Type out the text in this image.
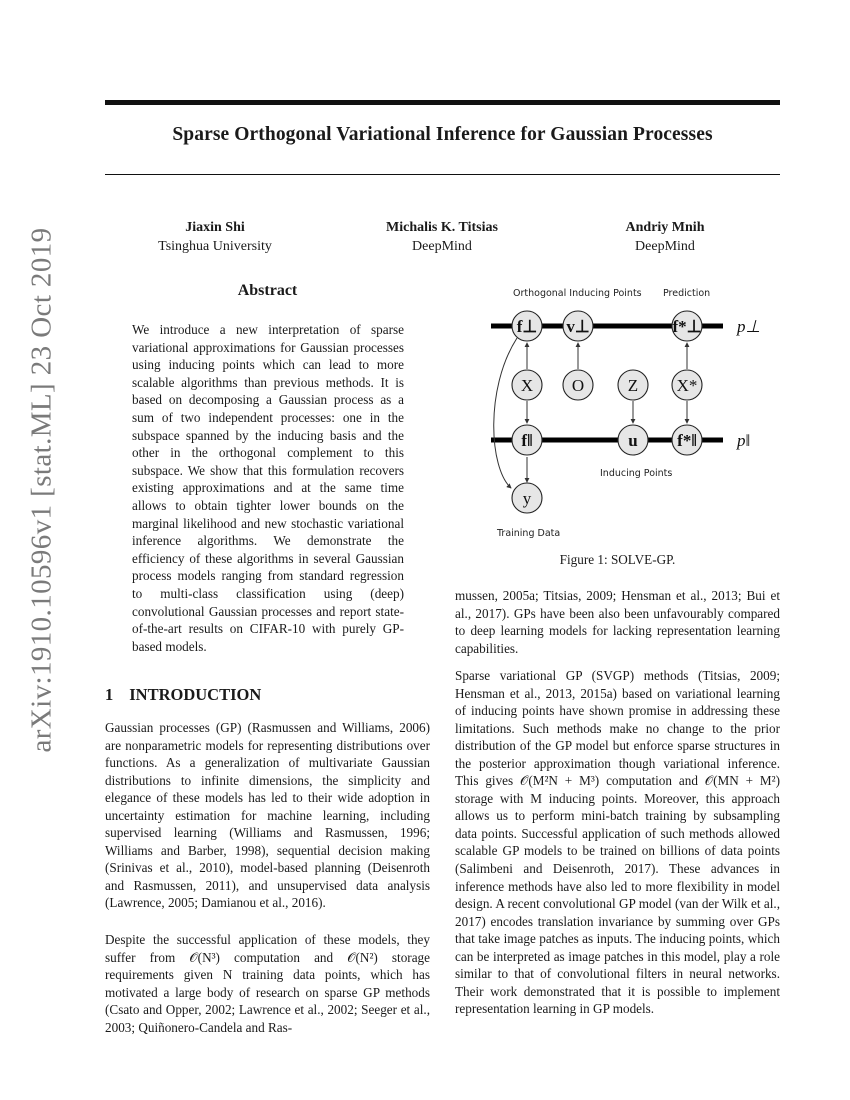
Sparse Orthogonal Variational Inference for Gaussian Processes
Jiaxin Shi
Tsinghua University
Michalis K. Titsias
DeepMind
Andriy Mnih
DeepMind
arXiv:1910.10596v1 [stat.ML] 23 Oct 2019	Abstract

We introduce a new interpretation of sparse variational approximations for Gaussian processes using inducing points which can lead to more scalable algorithms than previous methods. It is based on decomposing a Gaussian process as a sum of two independent processes: one in the subspace spanned by the inducing basis and the other in the orthogonal complement to this subspace. We show that this formulation recovers existing approximations and at the same time allows to obtain tighter lower bounds on the marginal likelihood and new stochastic variational inference algorithms. We demonstrate the efficiency of these algorithms in several Gaussian process models ranging from standard regression to multi-class classification using (deep) convolutional Gaussian processes and report state-of-the-art results on CIFAR-10 with purely GP-based models.

1 INTRODUCTION

Gaussian processes (GP) (Rasmussen and Williams, 2006) are nonparametric models for representing distributions over functions. As a generalization of multivariate Gaussian distributions to infinite dimensions, the simplicity and elegance of these models has led to their wide adoption in uncertainty estimation for machine learning, including supervised learning (Williams and Rasmussen, 1996; Williams and Barber, 1998), sequential decision making (Srinivas et al., 2010), model-based planning (Deisenroth and Rasmussen, 2011), and unsupervised data analysis (Lawrence, 2005; Damianou et al., 2016).

Despite the successful application of these models, they suffer from 𝒪(N³) computation and 𝒪(N²) storage requirements given N training data points, which has motivated a large body of research on sparse GP methods (Csato and Opper, 2002; Lawrence et al., 2002; Seeger et al., 2003; Quiñonero-Candela and Ras-

mussen, 2005a; Titsias, 2009; Hensman et al., 2013; Bui et al., 2017). GPs have been also been unfavourably compared to deep learning models for lacking representation learning capabilities.

Sparse variational GP (SVGP) methods (Titsias, 2009; Hensman et al., 2013, 2015a) based on variational learning of inducing points have shown promise in addressing these limitations. Such methods make no change to the prior distribution of the GP model but enforce sparse structures in the posterior approximation though variational inference. This gives 𝒪(M²N + M³) computation and 𝒪(MN + M²) storage with M inducing points. Moreover, this approach allows us to perform mini-batch training by subsampling data points. Successful application of such methods allowed scalable GP models to be trained on billions of data points (Salimbeni and Deisenroth, 2017). These advances in inference methods have also led to more flexibility in model design. A recent convolutional GP model (van der Wilk et al., 2017) encodes translation invariance by summing over GPs that take image patches as inputs. The inducing points, which can be interpreted as image patches in this model, play a role similar to that of convolutional filters in neural networks. Their work demonstrated that it is possible to implement representation learning in GP models.

f⊥ v⊥	f*⊥
X O	Z X*
f‖	u f*‖
y
Orthogonal Inducing Points Prediction
Inducing Points
Training Data
p⊥
p‖
Figure 1: SOLVE-GP.
